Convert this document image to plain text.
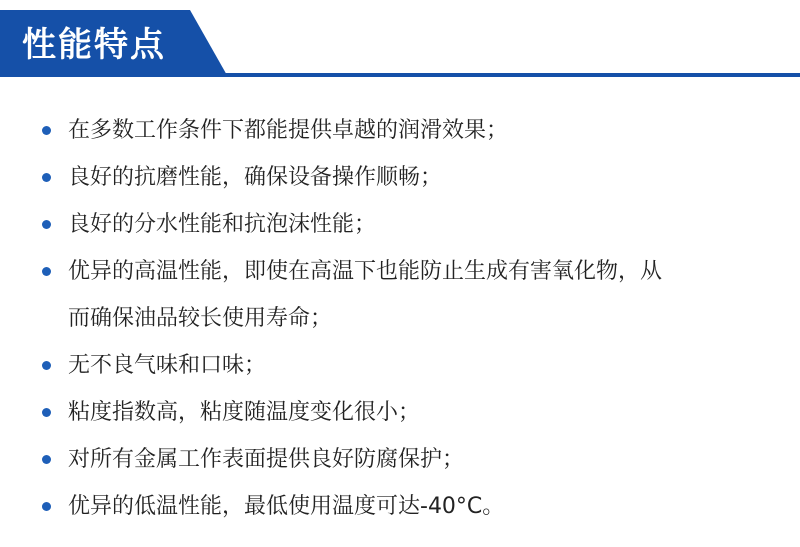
性能特点
在多数工作条件下都能提供卓越的润滑效果；
良好的抗磨性能，确保设备操作顺畅；
良好的分水性能和抗泡沫性能；
优异的高温性能，即使在高温下也能防止生成有害氧化物，从
而确保油品较长使用寿命；
无不良气味和口味；
粘度指数高，粘度随温度变化很小；
对所有金属工作表面提供良好防腐保护；
优异的低温性能，最低使用温度可达-40°C。
